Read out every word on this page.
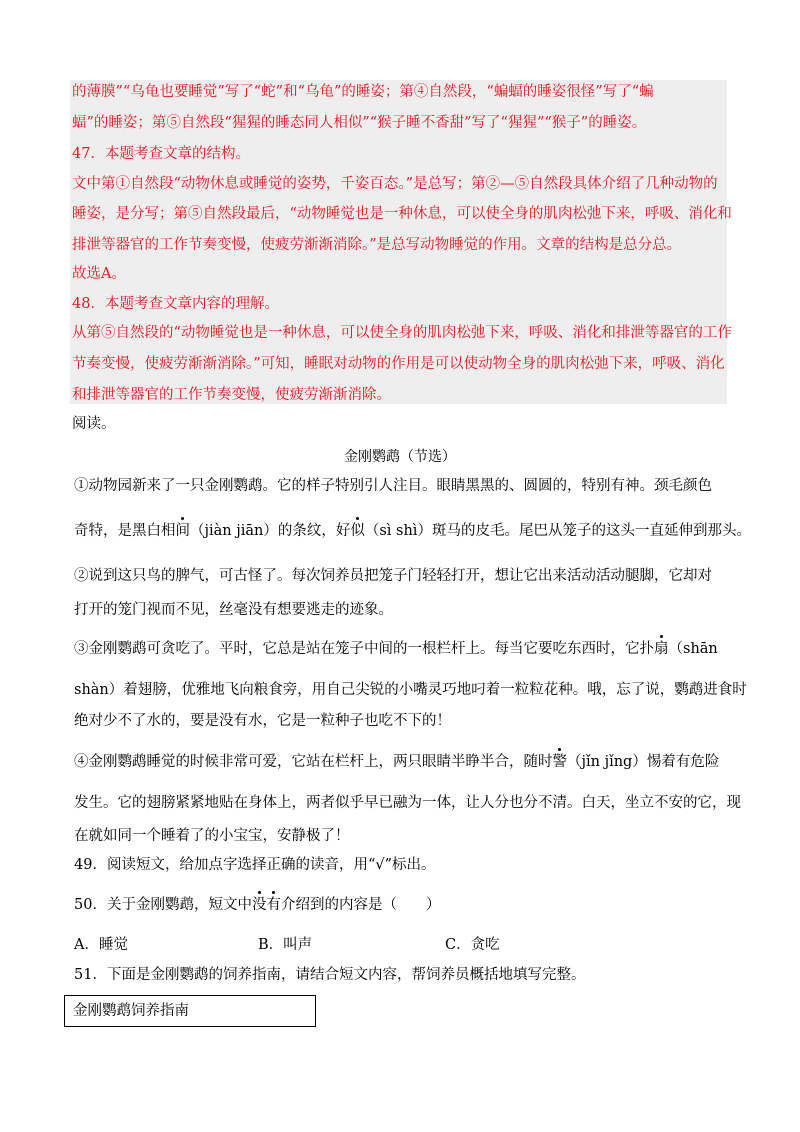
的薄膜”“乌龟也要睡觉”写了“蛇”和“乌龟”的睡姿；第④自然段，“蝙蝠的睡姿很怪”写了“蝙
蝠”的睡姿；第⑤自然段“猩猩的睡态同人相似”“猴子睡不香甜”写了“猩猩”“猴子”的睡姿。
47．本题考查文章的结构。
文中第①自然段“动物休息或睡觉的姿势，千姿百态。”是总写；第②—⑤自然段具体介绍了几种动物的
睡姿，是分写；第⑤自然段最后，“动物睡觉也是一种休息，可以使全身的肌肉松弛下来，呼吸、消化和
排泄等器官的工作节奏变慢，使疲劳渐渐消除。”是总写动物睡觉的作用。文章的结构是总分总。
故选A。
48．本题考查文章内容的理解。
从第⑤自然段的“动物睡觉也是一种休息，可以使全身的肌肉松弛下来，呼吸、消化和排泄等器官的工作
节奏变慢，使疲劳渐渐消除。”可知，睡眠对动物的作用是可以使动物全身的肌肉松弛下来，呼吸、消化
和排泄等器官的工作节奏变慢，使疲劳渐渐消除。
阅读。
金刚鹦鹉（节选）
①动物园新来了一只金刚鹦鹉。它的样子特别引人注目。眼睛黑黑的、圆圆的，特别有神。颈毛颜色
奇特，是黑白相间（jiàn jiān）的条纹，好似（sì shì）斑马的皮毛。尾巴从笼子的这头一直延伸到那头。
②说到这只鸟的脾气，可古怪了。每次饲养员把笼子门轻轻打开，想让它出来活动活动腿脚，它却对
打开的笼门视而不见，丝毫没有想要逃走的迹象。
③金刚鹦鹉可贪吃了。平时，它总是站在笼子中间的一根栏杆上。每当它要吃东西时，它扑扇（shān
shàn）着翅膀，优雅地飞向粮食旁，用自己尖锐的小嘴灵巧地叼着一粒粒花种。哦，忘了说，鹦鹉进食时
绝对少不了水的，要是没有水，它是一粒种子也吃不下的！
④金刚鹦鹉睡觉的时候非常可爱，它站在栏杆上，两只眼睛半睁半合，随时警（jǐn jǐng）惕着有危险
发生。它的翅膀紧紧地贴在身体上，两者似乎早已融为一体，让人分也分不清。白天，坐立不安的它，现
在就如同一个睡着了的小宝宝，安静极了！
49．阅读短文，给加点字选择正确的读音，用“√”标出。
50．关于金刚鹦鹉，短文中没有介绍到的内容是（　　）
A．睡觉	B．叫声	C．贪吃
51．下面是金刚鹦鹉的饲养指南，请结合短文内容，帮饲养员概括地填写完整。
金刚鹦鹉饲养指南
